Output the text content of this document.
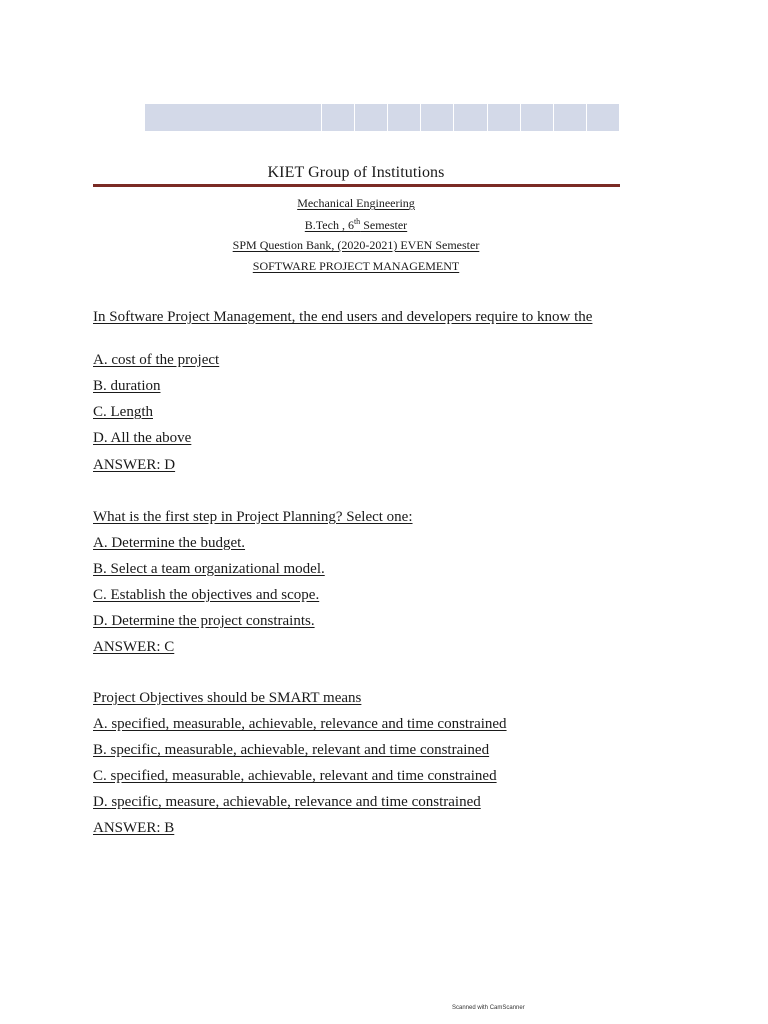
KIET Group of Institutions
Mechanical Engineering
B.Tech , 6th Semester
SPM Question Bank, (2020-2021) EVEN Semester
SOFTWARE PROJECT MANAGEMENT
In Software Project Management, the end users and developers require to know the
A. cost of the project
B. duration
C. Length
D. All the above
ANSWER: D
What is the first step in Project Planning? Select one:
A. Determine the budget.
B. Select a team organizational model.
C. Establish the objectives and scope.
D. Determine the project constraints.
ANSWER: C
Project Objectives should be SMART means
A. specified, measurable, achievable, relevance and time constrained
B. specific, measurable, achievable, relevant and time constrained
C. specified, measurable, achievable, relevant and time constrained
D. specific, measure, achievable, relevance and time constrained
ANSWER: B
Scanned with CamScanner
